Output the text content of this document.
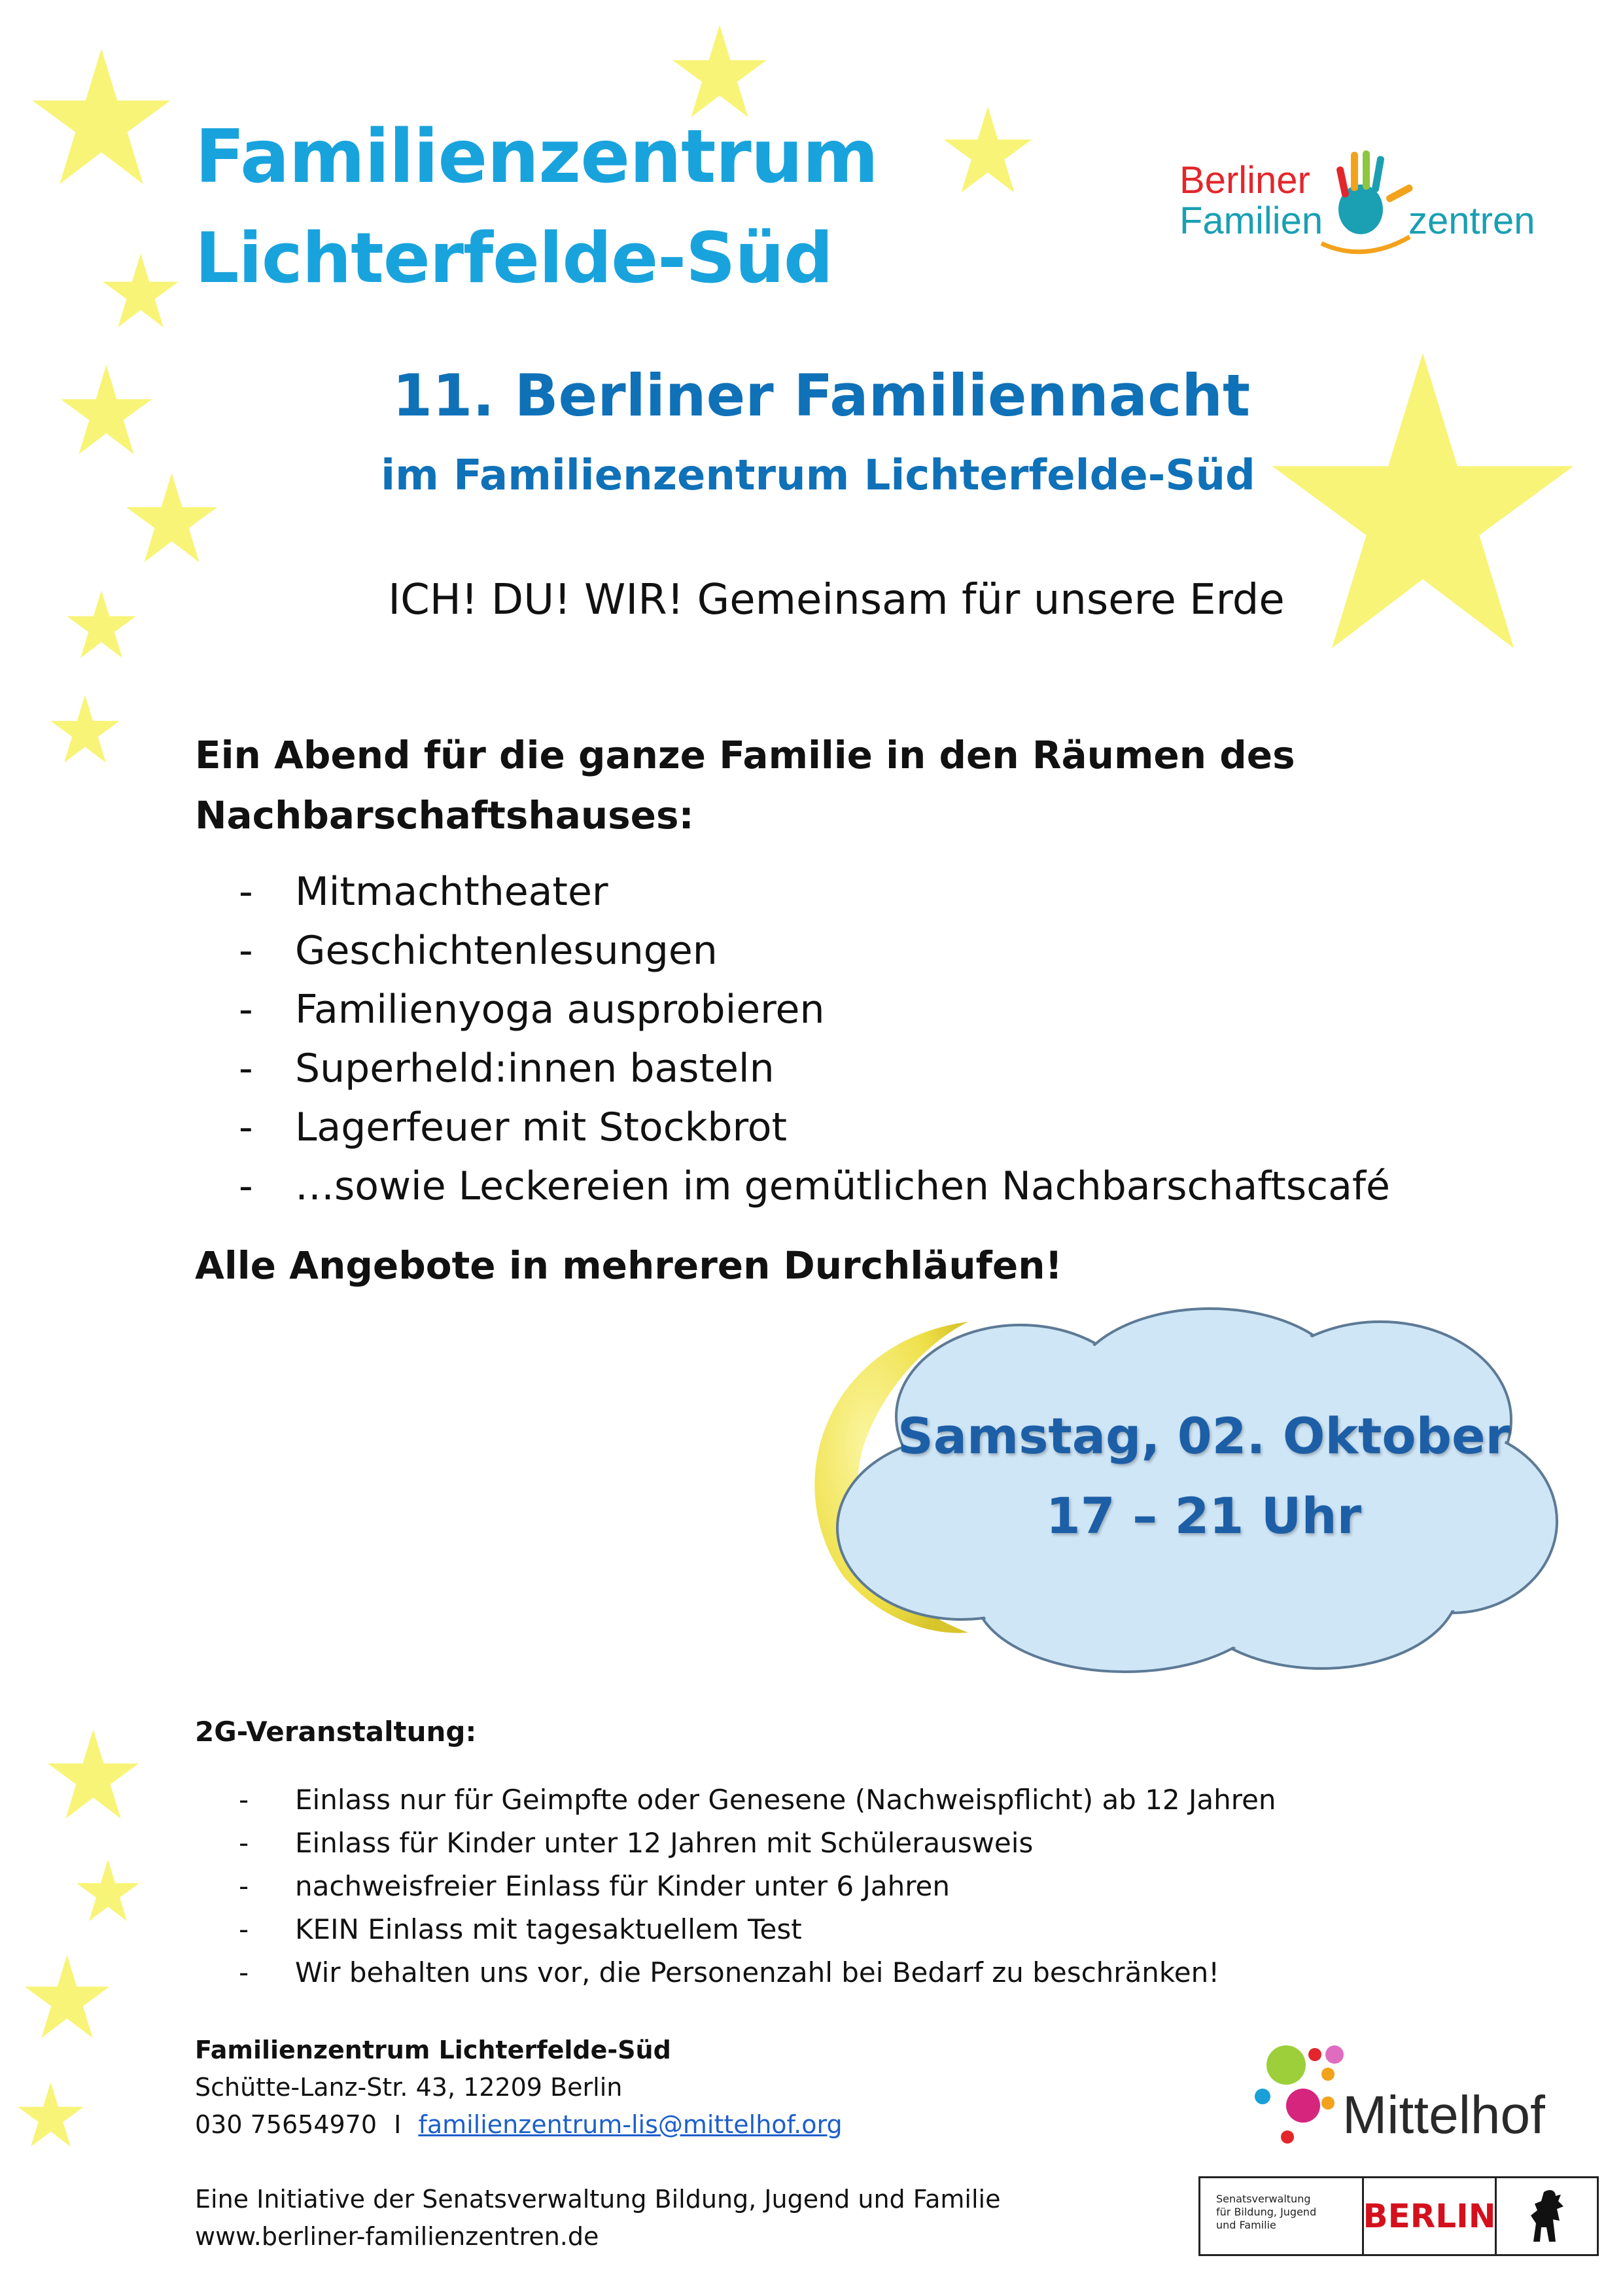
Familienzentrum
Lichterfelde-Süd
Berliner
Familien zentren
11. Berliner Familiennacht
im Familienzentrum Lichterfelde-Süd
ICH! DU! WIR! Gemeinsam für unsere Erde
Ein Abend für die ganze Familie in den Räumen des Nachbarschaftshauses:
- Mitmachtheater
- Geschichtenlesungen
- Familienyoga ausprobieren
- Superheld:innen basteln
- Lagerfeuer mit Stockbrot
- …sowie Leckereien im gemütlichen Nachbarschaftscafé
Alle Angebote in mehreren Durchläufen!
Samstag, 02. Oktober
17 – 21 Uhr
2G-Veranstaltung:
- Einlass nur für Geimpfte oder Genesene (Nachweispflicht) ab 12 Jahren
- Einlass für Kinder unter 12 Jahren mit Schülerausweis
- nachweisfreier Einlass für Kinder unter 6 Jahren
- KEIN Einlass mit tagesaktuellem Test
- Wir behalten uns vor, die Personenzahl bei Bedarf zu beschränken!
Familienzentrum Lichterfelde-Süd
Schütte-Lanz-Str. 43, 12209 Berlin
030 75654970 I familienzentrum-lis@mittelhof.org
Eine Initiative der Senatsverwaltung Bildung, Jugend und Familie
www.berliner-familienzentren.de
Mittelhof
Senatsverwaltung
für Bildung, Jugend
und Familie	BERLIN
